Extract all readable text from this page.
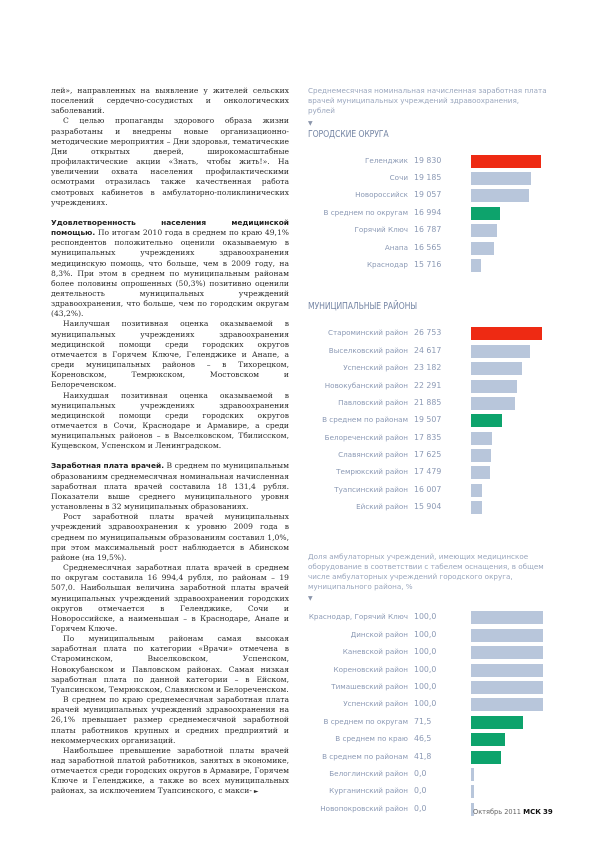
лей», направленных на выявление у жителей сельских поселений сердечно-сосудистых и онкологических заболеваний.

С целью пропаганды здорового образа жизни разработаны и внедрены новые организационно-методические мероприятия – Дни здоровья, тематические Дни открытых дверей, широкомасштабные профилактические акции «Знать, чтобы жить!». На увеличении охвата населения профилактическими осмотрами отразилась также качественная работа смотровых кабинетов в амбулаторно-поликлинических учреждениях.

Удовлетворенность населения медицинской помощью. По итогам 2010 года в среднем по краю 49,1% респондентов положительно оценили оказываемую в муниципальных учреждениях здравоохранения медицинскую помощь, что больше, чем в 2009 году, на 8,3%. При этом в среднем по муниципальным районам более половины опрошенных (50,3%) позитивно оценили деятельность муниципальных учреждений здравоохранения, что больше, чем по городским округам (43,2%).

Наилучшая позитивная оценка оказываемой в муниципальных учреждениях здравоохранения медицинской помощи среди городских округов отмечается в Горячем Ключе, Геленджике и Анапе, а среди муниципальных районов – в Тихорецком, Кореновском, Темрюкском, Мостовском и Белореченском.

Наихудшая позитивная оценка оказываемой в муниципальных учреждениях здравоохранения медицинской помощи среди городских округов отмечается в Сочи, Краснодаре и Армавире, а среди муниципальных районов – в Выселковском, Тбилисском, Кущевском, Успенском и Ленинградском.

Заработная плата врачей. В среднем по муниципальным образованиям среднемесячная номинальная начисленная заработная плата врачей составила 18 131,4 рубля. Показатели выше среднего муниципального уровня установлены в 32 муниципальных образованиях.

Рост заработной платы врачей муниципальных учреждений здравоохранения к уровню 2009 года в среднем по муниципальным образованиям составил 1,0%, при этом максимальный рост наблюдается в Абинском районе (на 19,5%).

Среднемесячная заработная плата врачей в среднем по округам составила 16 994,4 рубля, по районам – 19 507,0. Наибольшая величина заработной платы врачей муниципальных учреждений здравоохранения городских округов отмечается в Геленджике, Сочи и Новороссийске, а наименьшая – в Краснодаре, Анапе и Горячем Ключе.

По муниципальным районам самая высокая заработная плата по категории «Врачи» отмечена в Староминском, Выселковском, Успенском, Новокубанском и Павловском районах. Самая низкая заработная плата по данной категории – в Ейском, Туапсинском, Темрюкском, Славянском и Белореченском.

В среднем по краю среднемесячная заработная плата врачей муниципальных учреждений здравоохранения на 26,1% превышает размер среднемесячной заработной платы работников крупных и средних предприятий и некоммерческих организаций.

Наибольшее превышение заработной платы врачей над заработной платой работников, занятых в экономике, отмечается среди городских округов в Армавире, Горячем Ключе и Геленджике, а также во всех муниципальных районах, за исключением Туапсинского, с макси- ►

Среднемесячная номинальная начисленная заработная плата врачей муниципальных учреждений здравоохранения, рублей
▼
ГОРОДСКИЕ ОКРУГА
Геленджик 19 830
Сочи 19 185
Новороссийск 19 057
В среднем по округам 16 994
Горячий Ключ 16 787
Анапа 16 565
Краснодар 15 716
МУНИЦИПАЛЬНЫЕ РАЙОНЫ
Староминский район 26 753
Выселковский район 24 617
Успенский район 23 182
Новокубанский район 22 291
Павловский район 21 885
В среднем по районам 19 507
Белореченский район 17 835
Славянский район 17 625
Темрюкский район 17 479
Туапсинский район 16 007
Ейский район 15 904
Доля амбулаторных учреждений, имеющих медицинское оборудование в соответствии с табелем оснащения, в общем числе амбулаторных учреждений городского округа, муниципального района, %
▼
Краснодар, Горячий Ключ 100,0
Динской район 100,0
Каневской район 100,0
Кореновский район 100,0
Тимашевский район 100,0
Успенский район 100,0
В среднем по округам 71,5
В среднем по краю 46,5
В среднем по районам 41,8
Белоглинский район 0,0
Курганинский район 0,0
Новопокровский район 0,0	Октябрь 2011 МСК 39
